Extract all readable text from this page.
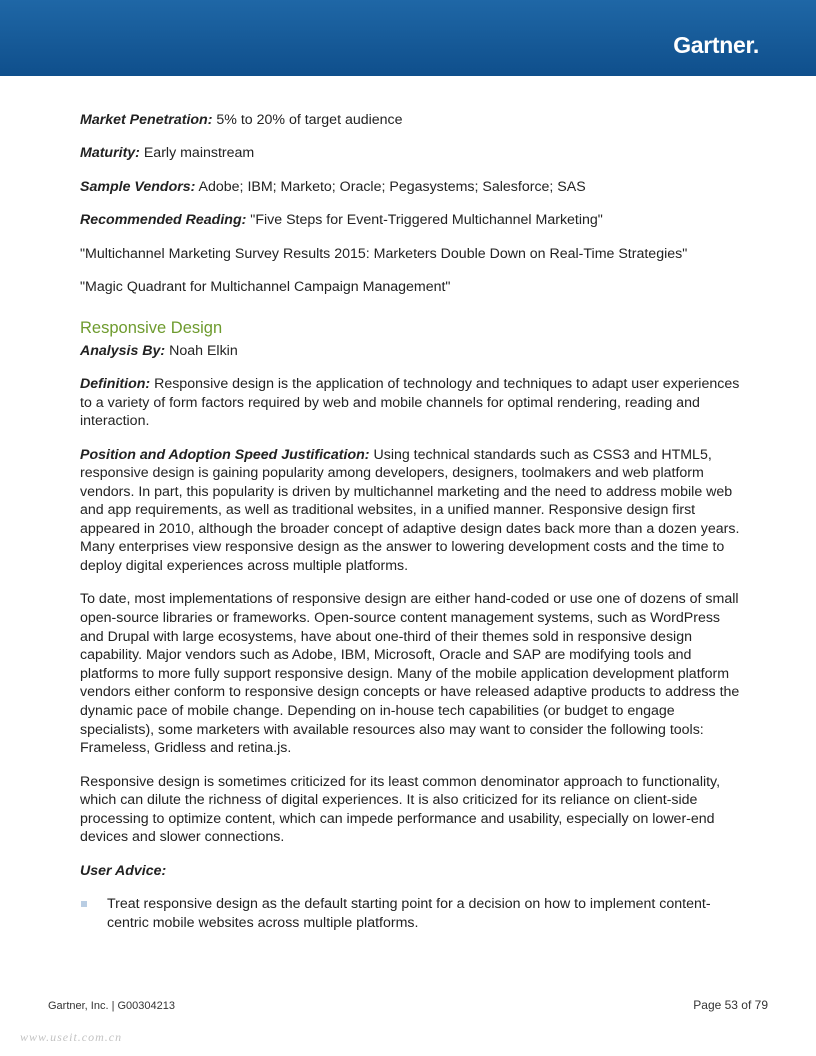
Gartner.
Market Penetration: 5% to 20% of target audience
Maturity: Early mainstream
Sample Vendors: Adobe; IBM; Marketo; Oracle; Pegasystems; Salesforce; SAS
Recommended Reading: "Five Steps for Event-Triggered Multichannel Marketing"
"Multichannel Marketing Survey Results 2015: Marketers Double Down on Real-Time Strategies"
"Magic Quadrant for Multichannel Campaign Management"
Responsive Design
Analysis By: Noah Elkin
Definition: Responsive design is the application of technology and techniques to adapt user experiences to a variety of form factors required by web and mobile channels for optimal rendering, reading and interaction.
Position and Adoption Speed Justification: Using technical standards such as CSS3 and HTML5, responsive design is gaining popularity among developers, designers, toolmakers and web platform vendors. In part, this popularity is driven by multichannel marketing and the need to address mobile web and app requirements, as well as traditional websites, in a unified manner. Responsive design first appeared in 2010, although the broader concept of adaptive design dates back more than a dozen years. Many enterprises view responsive design as the answer to lowering development costs and the time to deploy digital experiences across multiple platforms.
To date, most implementations of responsive design are either hand-coded or use one of dozens of small open-source libraries or frameworks. Open-source content management systems, such as WordPress and Drupal with large ecosystems, have about one-third of their themes sold in responsive design capability. Major vendors such as Adobe, IBM, Microsoft, Oracle and SAP are modifying tools and platforms to more fully support responsive design. Many of the mobile application development platform vendors either conform to responsive design concepts or have released adaptive products to address the dynamic pace of mobile change. Depending on in-house tech capabilities (or budget to engage specialists), some marketers with available resources also may want to consider the following tools: Frameless, Gridless and retina.js.
Responsive design is sometimes criticized for its least common denominator approach to functionality, which can dilute the richness of digital experiences. It is also criticized for its reliance on client-side processing to optimize content, which can impede performance and usability, especially on lower-end devices and slower connections.
User Advice:
Treat responsive design as the default starting point for a decision on how to implement content-centric mobile websites across multiple platforms.
Gartner, Inc. | G00304213	Page 53 of 79
www.useit.com.cn
